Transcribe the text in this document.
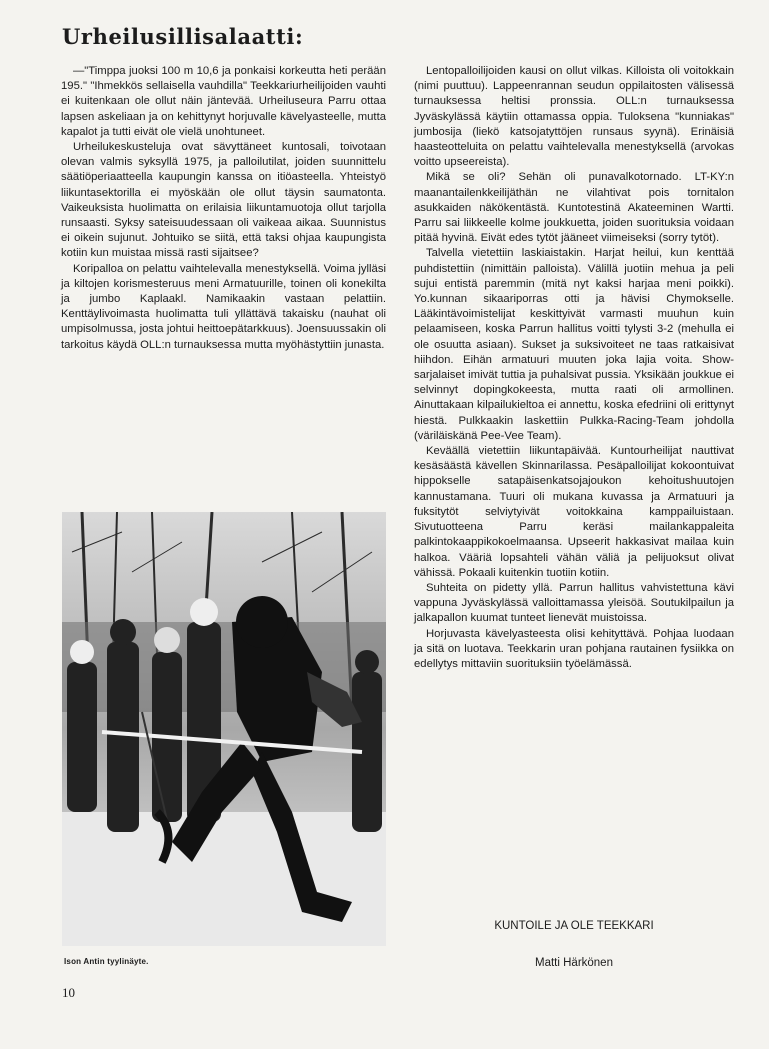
Urheilusillisalaatti:

—"Timppa juoksi 100 m 10,6 ja ponkaisi korkeutta heti perään 195." "Ihmekkös sellaisella vauhdilla" Teekkariurheilijoiden vauhti ei kuitenkaan ole ollut näin jäntevää. Urheiluseura Parru ottaa lapsen askeliaan ja on kehittynyt horjuvalle kävelyasteelle, mutta kapalot ja tutti eivät ole vielä unohtuneet.

Urheilukeskusteluja ovat sävyttäneet kuntosali, toivotaan olevan valmis syksyllä 1975, ja palloilutilat, joiden suunnittelu säätiöperiaatteella kaupungin kanssa on itiöasteella. Yhteistyö liikuntasektorilla ei myöskään ole ollut täysin saumatonta. Vaikeuksista huolimatta on erilaisia liikuntamuotoja ollut tarjolla runsaasti. Syksy sateisuudessaan oli vaikeaa aikaa. Suunnistus ei oikein sujunut. Johtuiko se siitä, että taksi ohjaa kaupungista kotiin kun muistaa missä rasti sijaitsee?

Koripalloa on pelattu vaihtelevalla menestyksellä. Voima jylläsi ja kiltojen korismesteruus meni Armatuurille, toinen oli konekilta ja jumbo Kaplaakl. Namikaakin vastaan pelattiin. Kenttäylivoimasta huolimatta tuli yllättävä takaisku (nauhat oli umpisolmussa, josta johtui heittoepätarkkuus). Joensuussakin oli tarkoitus käydä OLL:n turnauksessa mutta myöhästyttiin junasta.

Ison Antin tyylinäyte.
10

Lentopalloilijoiden kausi on ollut vilkas. Killoista oli voitokkain (nimi puuttuu). Lappeenrannan seudun oppilaitosten välisessä turnauksessa heltisi pronssia. OLL:n turnauksessa Jyväskylässä käytiin ottamassa oppia. Tuloksena "kunniakas" jumbosija (liekö katsojatyttöjen runsaus syynä). Erinäisiä haasteotteluita on pelattu vaihtelevalla menestyksellä (arvokas voitto upseereista).

Mikä se oli? Sehän oli punavalkotornado. LT-KY:n maanantailenkkeilijäthän ne vilahtivat pois tornitalon asukkaiden näkökentästä. Kuntotestinä Akateeminen Wartti. Parru sai liikkeelle kolme joukkuetta, joiden suorituksia voidaan pitää hyvinä. Eivät edes tytöt jääneet viimeiseksi (sorry tytöt).

Talvella vietettiin laskiaistakin. Harjat heilui, kun kenttää puhdistettiin (nimittäin palloista). Välillä juotiin mehua ja peli sujui entistä paremmin (mitä nyt kaksi harjaa meni poikki). Yo.kunnan sikaariporras otti ja hävisi Chymokselle. Lääkintävoimistelijat keskittyivät varmasti muuhun kuin pelaamiseen, koska Parrun hallitus voitti tylysti 3-2 (mehulla ei ole osuutta asiaan). Sukset ja suksivoiteet ne taas ratkaisivat hiihdon. Eihän armatuuri muuten joka lajia voita. Show-sarjalaiset imivät tuttia ja puhalsivat pussia. Yksikään joukkue ei selvinnyt dopingkokeesta, mutta raati oli armollinen. Ainuttakaan kilpailukieltoa ei annettu, koska efedriini oli erittynyt hiestä. Pulkkaakin laskettiin Pulkka-Racing-Team johdolla (väriläiskänä Pee-Vee Team).

Keväällä vietettiin liikuntapäivää. Kuntourheilijat nauttivat kesäsäästä kävellen Skinnarilassa. Pesäpalloilijat kokoontuivat hippokselle satapäisenkatsojajoukon kehoitushuutojen kannustamana. Tuuri oli mukana kuvassa ja Armatuuri ja fuksitytöt selviytyivät voitokkaina kamppailuistaan. Sivutuotteena Parru keräsi mailankappaleita palkintokaappikokoelmaansa. Upseerit hakkasivat mailaa kuin halkoa. Vääriä lopsahteli vähän väliä ja pelijuoksut olivat vähissä. Pokaali kuitenkin tuotiin kotiin.

Suhteita on pidetty yllä. Parrun hallitus vahvistettuna kävi vappuna Jyväskylässä valloittamassa yleisöä. Soutukilpailun ja jalkapallon kuumat tunteet lienevät muistoissa.

Horjuvasta kävelyasteesta olisi kehityttävä. Pohjaa luodaan ja sitä on luotava. Teekkarin uran pohjana rautainen fysiikka on edellytys mittaviin suorituksiin työelämässä.

KUNTOILE JA OLE TEEKKARI
Matti Härkönen
